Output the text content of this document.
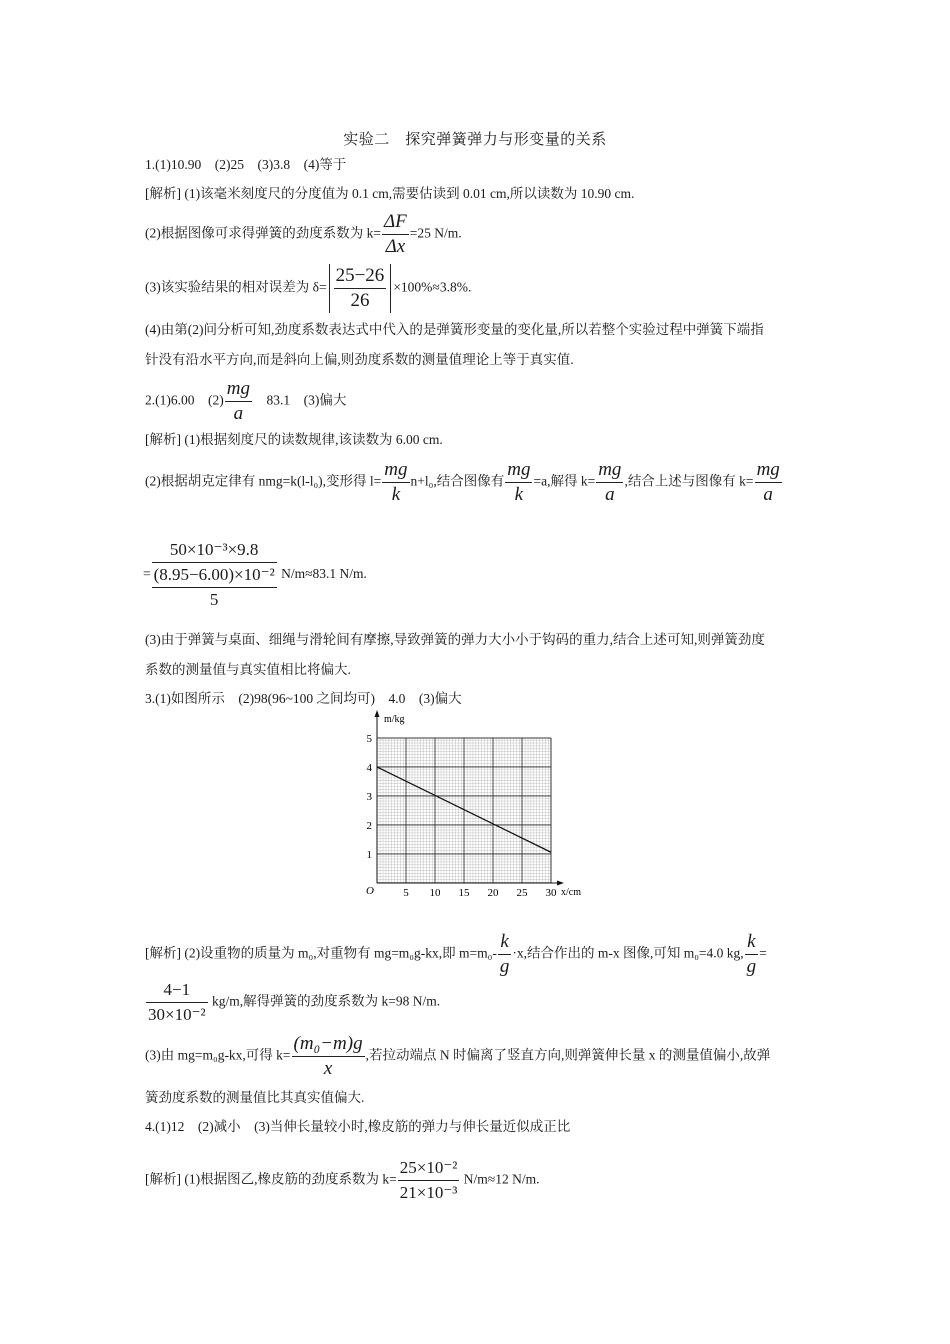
实验二　探究弹簧弹力与形变量的关系
1.(1)10.90　(2)25　(3)3.8　(4)等于
[解析] (1)该毫米刻度尺的分度值为 0.1 cm,需要估读到 0.01 cm,所以读数为 10.90 cm.
(2)根据图像可求得弹簧的劲度系数为 $k= \frac{\Delta F}{\Delta x} =25$ N/m.
(3)该实验结果的相对误差为 $\delta= \frac{25-26}{26} \times 100\%\approx 3.8\%$.
(4)由第(2)问分析可知,劲度系数表达式中代入的是弹簧形变量的变化量,所以若整个实验过程中弹簧下端指
针没有沿水平方向,而是斜向上偏,则劲度系数的测量值理论上等于真实值.
2.(1)6.00　$(2) \frac{mg}{a}$ 　83.1　(3)偏大
[解析] (1)根据刻度尺的读数规律,该读数为 6.00 cm.
(2)根据胡克定律有 nmg=k(l-l₀),变形得 $l= \frac{mg}{k} n+l_0$,结合图像有 $\frac{mg}{k} =a$,解得 $k= \frac{mg}{a}$ ,结合上述与图像有 $k= \frac{mg}{a}$
= $\frac{\text{50×10⁻³×9.8}}{\frac{\text{(8.95−6.00)×10⁻²}}{5}} N/m\approx 83.1$ N/m.
(3)由于弹簧与桌面、细绳与滑轮间有摩擦,导致弹簧的弹力大小小于钩码的重力,结合上述可知,则弹簧劲度
系数的测量值与真实值相比将偏大.
3.(1)如图所示　(2)98(96~100 之间均可)　4.0　(3)偏大
5 10 15 20 25 30
1
2
3
4
5
O
m/kg
x/cm
[解析] (2)设重物的质量为 m₀,对重物有 mg=m₀g-kx,即 $m=m_0- \frac{k}{g} \cdot x$,结合作出的 m-x 图像,可知 m₀=4.0 kg, $\frac{k}{g}$ =
$\frac{4-1}{\text{30×10⁻²}} kg/m$,解得弹簧的劲度系数为 k=98 N/m.
(3)由 mg=m₀g-kx,可得 $k= \frac{\text{(m₀−m)g}}{x}$ ,若拉动端点 N 时偏离了竖直方向,则弹簧伸长量 x 的测量值偏小,故弹
簧劲度系数的测量值比其真实值偏大.
4.(1)12　(2)减小　(3)当伸长量较小时,橡皮筋的弹力与伸长量近似成正比
[解析] (1)根据图乙,橡皮筋的劲度系数为 $k= \frac{\text{25×10⁻²}}{\text{21×10⁻³}} N/m\approx 12$ N/m.
